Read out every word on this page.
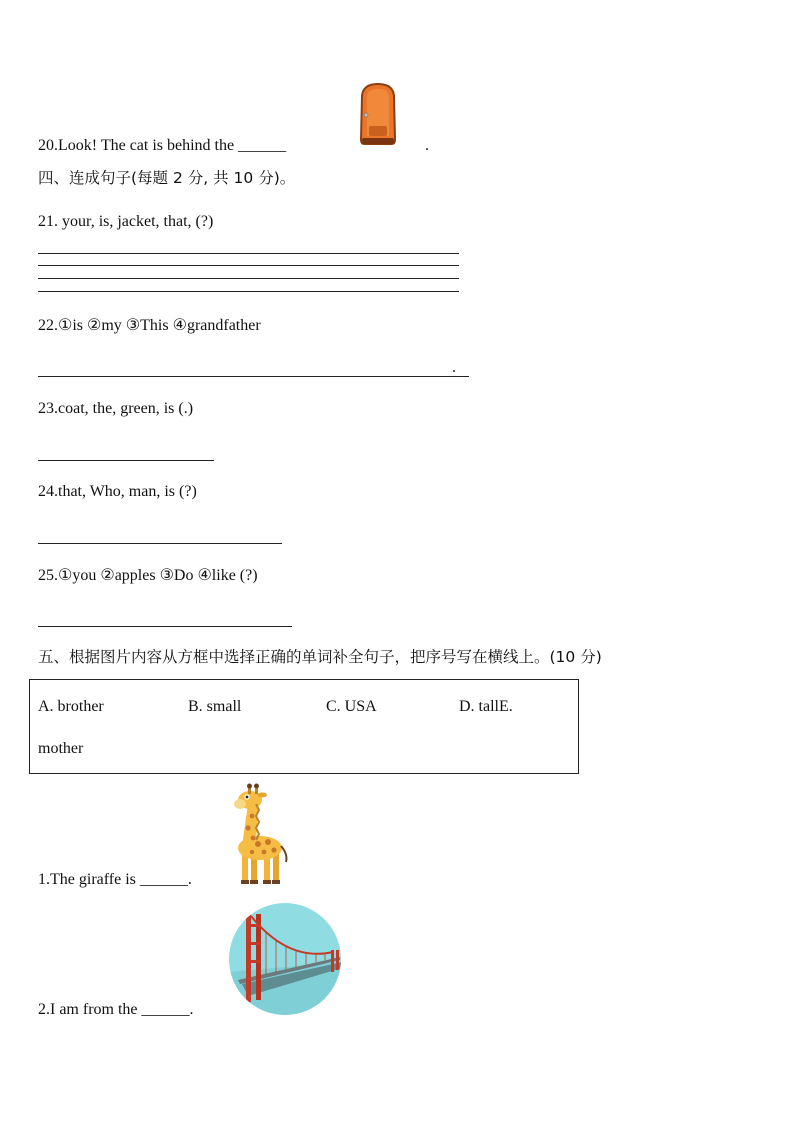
20.Look! The cat is behind the ______	.
四、连成句子(每题 2 分, 共 10 分)。
21. your, is, jacket, that, (?)
22.①is ②my ③This ④grandfather
.
23.coat, the, green, is (.)
24.that, Who, man, is (?)
25.①you ②apples ③Do ④like (?)
五、根据图片内容从方框中选择正确的单词补全句子，把序号写在横线上。(10 分)
A. brother	B. small	C. USA	D. tallE.
mother
1.The giraffe is ______.
2.I am from the ______.
